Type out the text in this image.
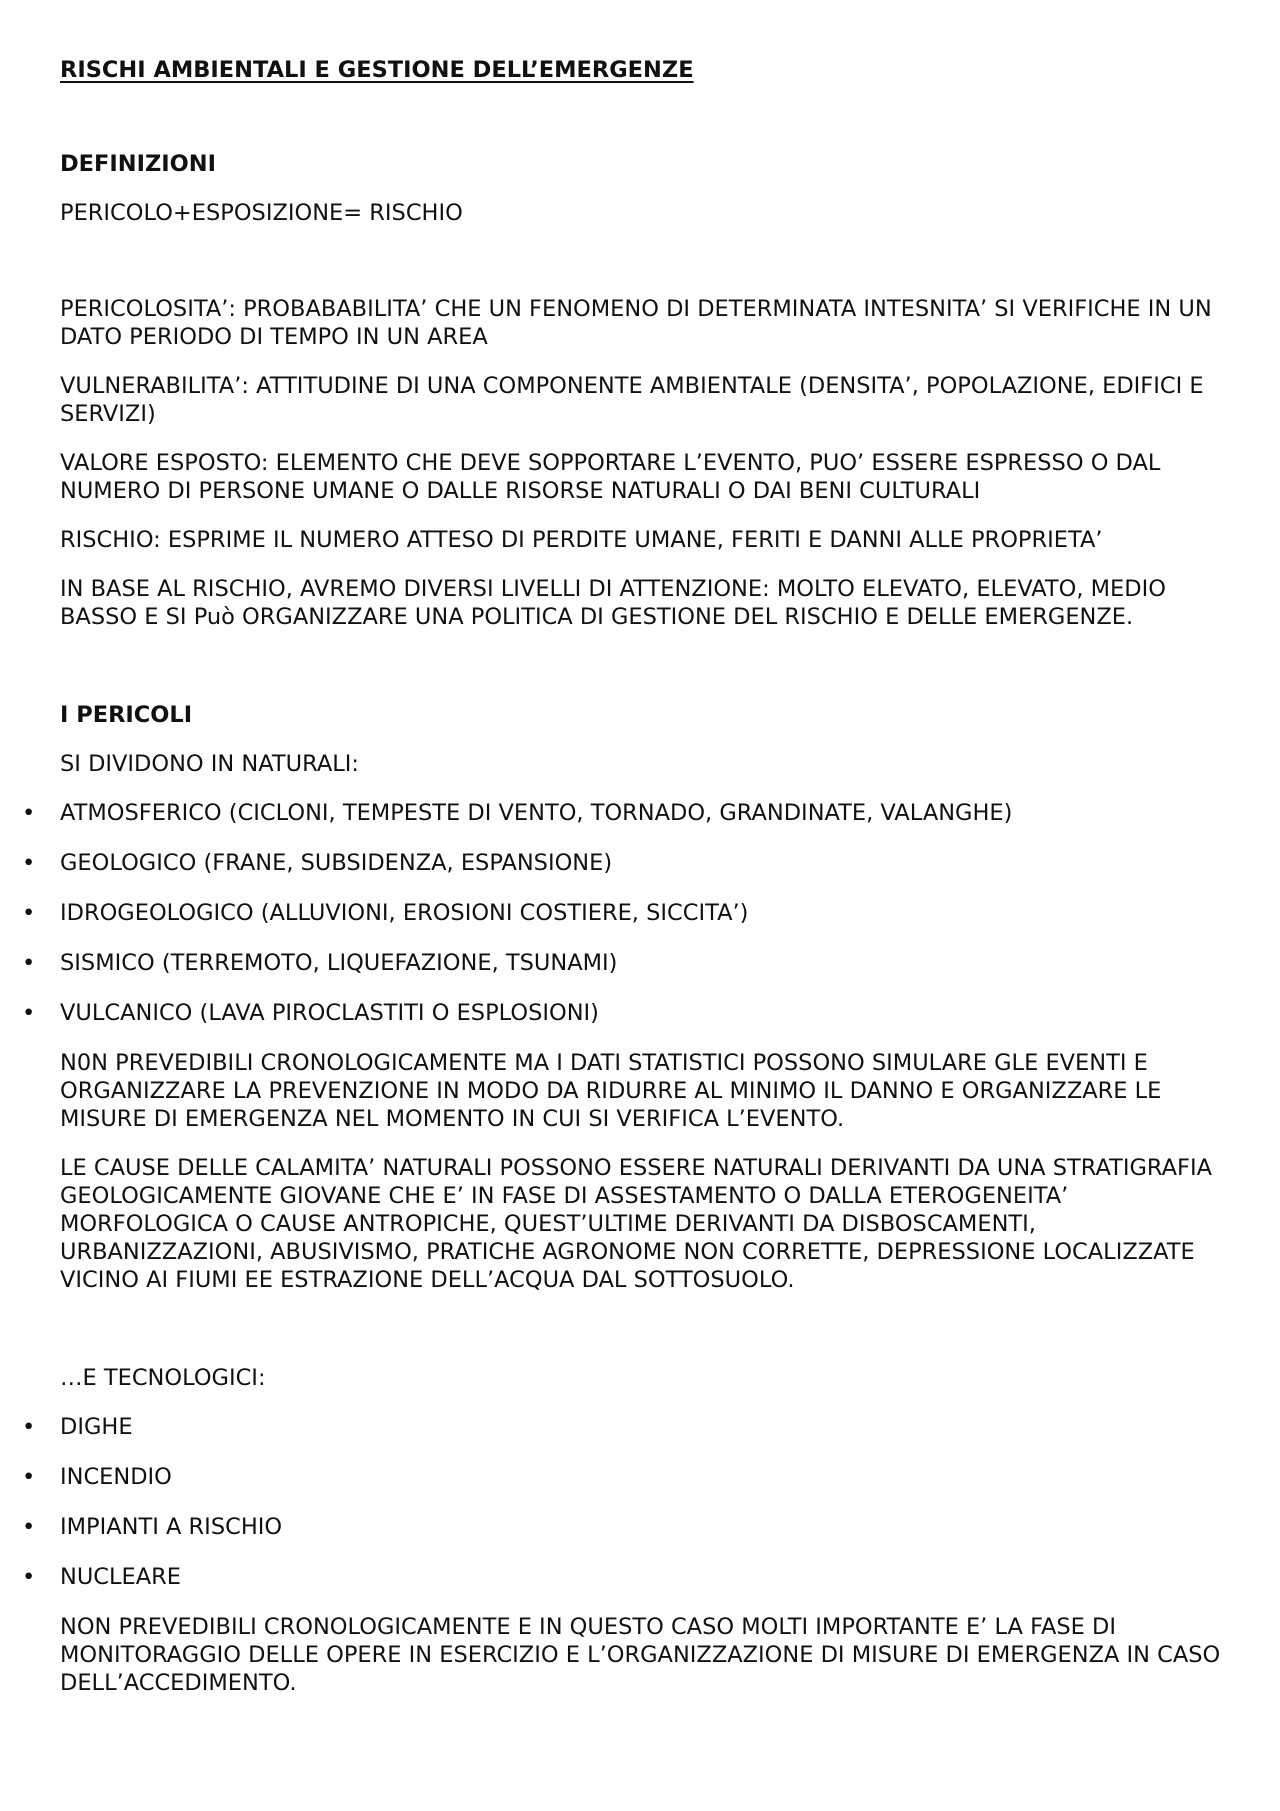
RISCHI AMBIENTALI E GESTIONE DELL’EMERGENZE

DEFINIZIONI

PERICOLO+ESPOSIZIONE= RISCHIO

PERICOLOSITA’: PROBABABILITA’ CHE UN FENOMENO DI DETERMINATA INTESNITA’ SI VERIFICHE IN UN DATO PERIODO DI TEMPO IN UN AREA

VULNERABILITA’: ATTITUDINE DI UNA COMPONENTE AMBIENTALE (DENSITA’, POPOLAZIONE, EDIFICI E SERVIZI)

VALORE ESPOSTO: ELEMENTO CHE DEVE SOPPORTARE L’EVENTO, PUO’ ESSERE ESPRESSO O DAL NUMERO DI PERSONE UMANE O DALLE RISORSE NATURALI O DAI BENI CULTURALI

RISCHIO: ESPRIME IL NUMERO ATTESO DI PERDITE UMANE, FERITI E DANNI ALLE PROPRIETA’

IN BASE AL RISCHIO, AVREMO DIVERSI LIVELLI DI ATTENZIONE: MOLTO ELEVATO, ELEVATO, MEDIO BASSO E SI Può ORGANIZZARE UNA POLITICA DI GESTIONE DEL RISCHIO E DELLE EMERGENZE.

I PERICOLI

SI DIVIDONO IN NATURALI:

• ATMOSFERICO (CICLONI, TEMPESTE DI VENTO, TORNADO, GRANDINATE, VALANGHE)
• GEOLOGICO (FRANE, SUBSIDENZA, ESPANSIONE)
• IDROGEOLOGICO (ALLUVIONI, EROSIONI COSTIERE, SICCITA’)
• SISMICO (TERREMOTO, LIQUEFAZIONE, TSUNAMI)
• VULCANICO (LAVA PIROCLASTITI O ESPLOSIONI)

N0N PREVEDIBILI CRONOLOGICAMENTE MA I DATI STATISTICI POSSONO SIMULARE GLE EVENTI E ORGANIZZARE LA PREVENZIONE IN MODO DA RIDURRE AL MINIMO IL DANNO E ORGANIZZARE LE MISURE DI EMERGENZA NEL MOMENTO IN CUI SI VERIFICA L’EVENTO.

LE CAUSE DELLE CALAMITA’ NATURALI POSSONO ESSERE NATURALI DERIVANTI DA UNA STRATIGRAFIA GEOLOGICAMENTE GIOVANE CHE E’ IN FASE DI ASSESTAMENTO O DALLA ETEROGENEITA’ MORFOLOGICA O CAUSE ANTROPICHE, QUEST’ULTIME DERIVANTI DA DISBOSCAMENTI, URBANIZZAZIONI, ABUSIVISMO, PRATICHE AGRONOME NON CORRETTE, DEPRESSIONE LOCALIZZATE VICINO AI FIUMI EE ESTRAZIONE DELL’ACQUA DAL SOTTOSUOLO.

…E TECNOLOGICI:

• DIGHE
• INCENDIO
• IMPIANTI A RISCHIO
• NUCLEARE

NON PREVEDIBILI CRONOLOGICAMENTE E IN QUESTO CASO MOLTI IMPORTANTE E’ LA FASE DI MONITORAGGIO DELLE OPERE IN ESERCIZIO E L’ORGANIZZAZIONE DI MISURE DI EMERGENZA IN CASO DELL’ACCEDIMENTO.
